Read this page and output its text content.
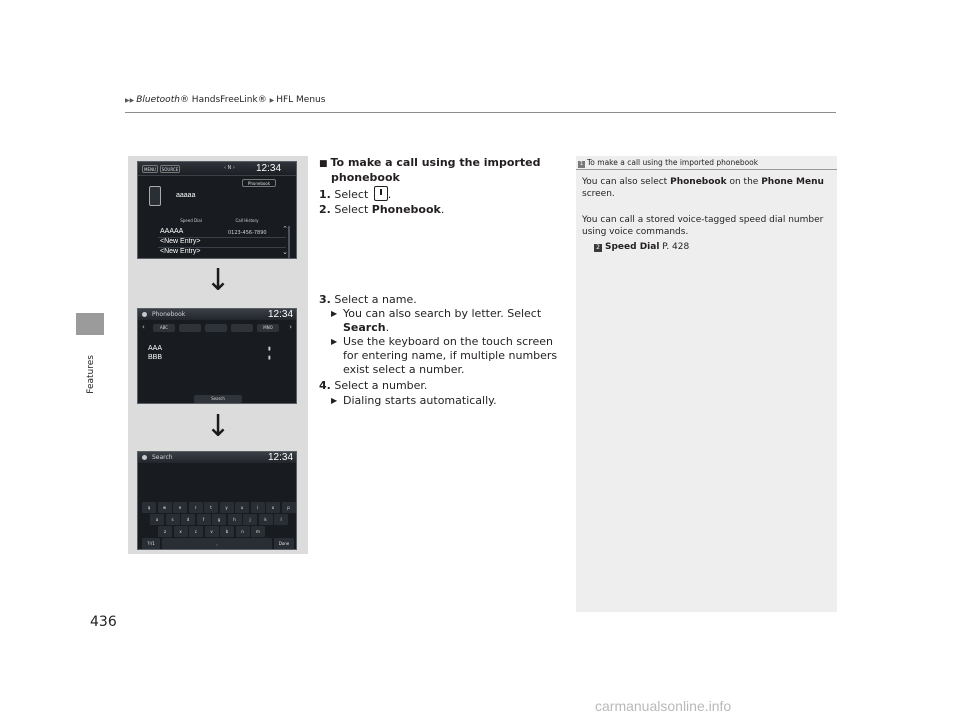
▶▶ Bluetooth® HandsFreeLink® ▶ HFL Menus
Features
436
MENU	SOURCE	‹ N › 12:34
Phonebook
aaaaa
Speed Dial	Call History
AAAAA	0123-456-7890
<New Entry>
<New Entry>
⌃
⌄
↓
Phonebook	12:34
‹	›
ABC	MNO
AAA	▮
BBB	▮
Search
↓
Search	12:34
q	w	e	r	t	y	u	i	o	p
a	s	d	f	g	h	j	k	l
z	x	c	v	b	n	m
?!/1	,	Done
■ To make a call using the imported
phonebook
1. Select .
2. Select Phonebook.
3. Select a name.
▶ You can also search by letter. Select
Search.
▶ Use the keyboard on the touch screen for entering name, if multiple numbers exist select a number.
4. Select a number.
▶ Dialing starts automatically.
1 To make a call using the imported phonebook
You can also select Phonebook on the Phone Menu screen.
You can call a stored voice-tagged speed dial number using voice commands.
2 Speed Dial P. 428
carmanualsonline.info
